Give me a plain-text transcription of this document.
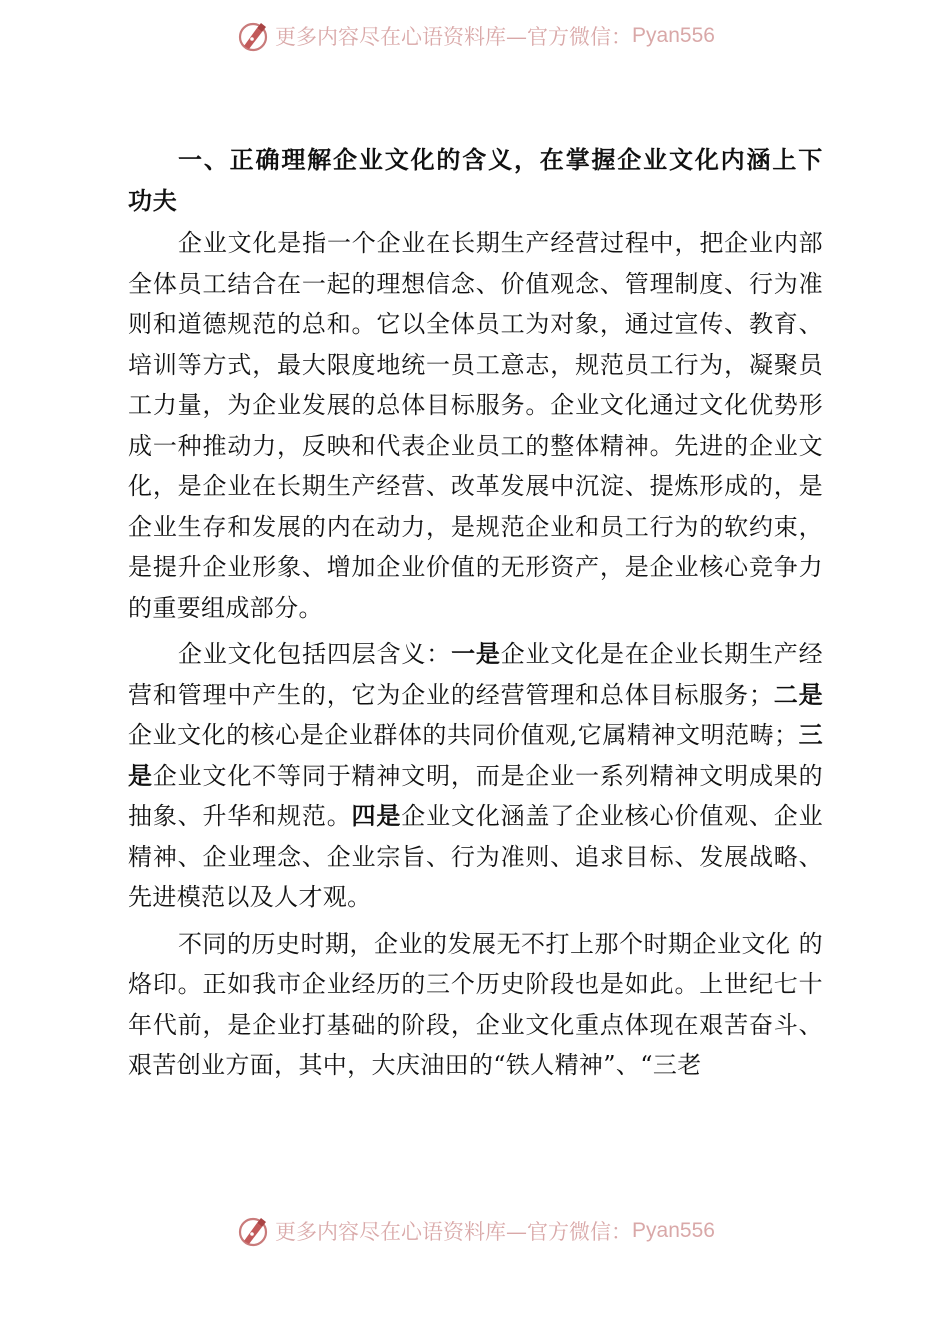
更多内容尽在心语资料库—官方微信： Pyan556
一、正确理解企业文化的含义，在掌握企业文化内涵上下 功夫

企业文化是指一个企业在长期生产经营过程中，把企业内部全体员工结合在一起的理想信念、价值观念、管理制度、行为准则和道德规范的总和。它以全体员工为对象，通过宣传、教育、培训等方式，最大限度地统一员工意志，规范员工行为，凝聚员工力量，为企业发展的总体目标服务。企业文化通过文化优势形成一种推动力，反映和代表企业员工的整体精神。先进的企业文化，是企业在长期生产经营、改革发展中沉淀、提炼形成的，是企业生存和发展的内在动力，是规范企业和员工行为的软约束，是提升企业形象、增加企业价值的无形资产，是企业核心竞争力的重要组成部分。

企业文化包括四层含义：一是企业文化是在企业长期生产经营和管理中产生的，它为企业的经营管理和总体目标服务；二是企业文化的核心是企业群体的共同价值观,它属精神文明范畴；三是企业文化不等同于精神文明，而是企业一系列精神文明成果的抽象、升华和规范。四是企业文化涵盖了企业核心价值观、企业精神、企业理念、企业宗旨、行为准则、追求目标、发展战略、先进模范以及人才观。

不同的历史时期，企业的发展无不打上那个时期企业文化 的烙印。正如我市企业经历的三个历史阶段也是如此。上世纪七十年代前，是企业打基础的阶段，企业文化重点体现在艰苦奋斗、艰苦创业方面，其中，大庆油田的“铁人精神”、“三老

更多内容尽在心语资料库—官方微信： Pyan556
